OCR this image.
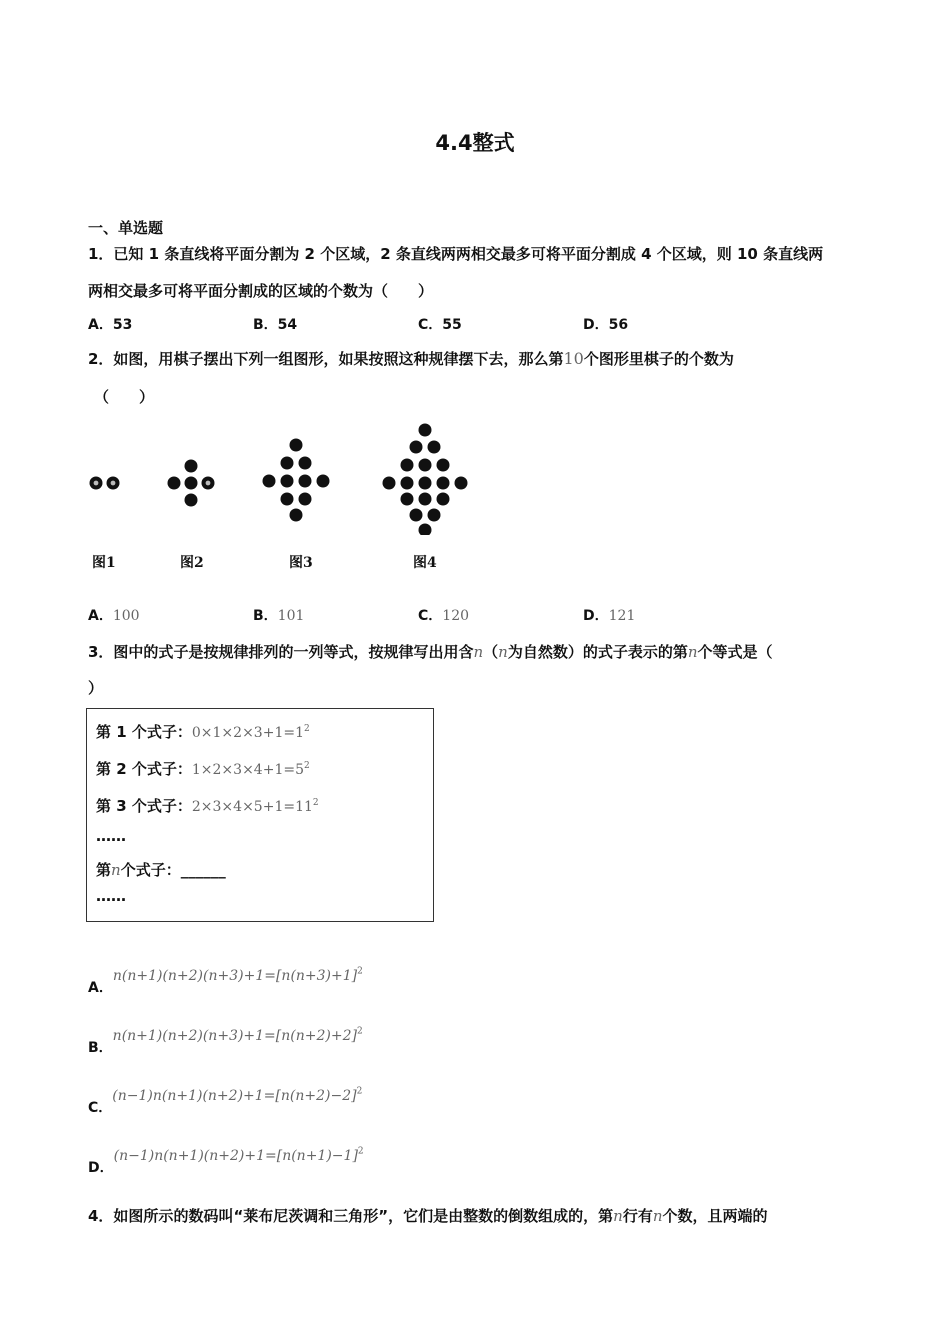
4.4整式
一、单选题
1．已知 1 条直线将平面分割为 2 个区域，2 条直线两两相交最多可将平面分割成 4 个区域，则 10 条直线两
两相交最多可将平面分割成的区域的个数为（　　）
A．53	B．54	C．55	D．56
2．如图，用棋子摆出下列一组图形，如果按照这种规律摆下去，那么第10个图形里棋子的个数为
（　　）
图1	图2	图3	图4
A．100	B．101	C．120	D．121
3．图中的式子是按规律排列的一列等式，按规律写出用含n（n为自然数）的式子表示的第n个等式是（
）
第 1 个式子：$0\times 1\times 2\times 3+1=1^2$
第 2 个式子：$1\times 2\times 3\times 4+1=5^2$
第 3 个式子：$2\times 3\times 4\times 5+1=11^2$
……
第n个式子：______
……
A．$n(n+1)(n+2)(n+3)+1=[n(n+3)+1]^2$
B．$n(n+1)(n+2)(n+3)+1=[n(n+2)+2]^2$
C．$(n-1)n(n+1)(n+2)+1=[n(n+2)-2]^2$
D．$(n-1)n(n+1)(n+2)+1=[n(n+1)-1]^2$
4．如图所示的数码叫“莱布尼茨调和三角形”，它们是由整数的倒数组成的，第n行有n个数，且两端的
